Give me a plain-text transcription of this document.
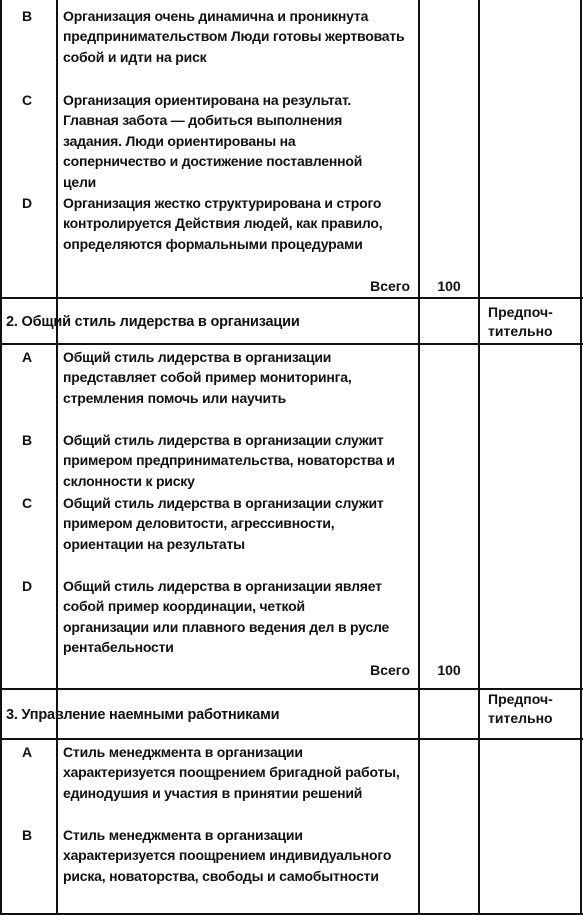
B Организация очень динамична и проникнута предпринимательством Люди готовы жертвовать собой и идти на риск
C Организация ориентирована на результат. Главная забота — добиться выполнения задания. Люди ориентированы на соперничество и достижение поставленной цели
D Организация жестко структурирована и строго контролируется Действия людей, как правило, определяются формальными процедурами
Всего	100
2. Общий стиль лидерства в организации
Предпоч-тительно
A Общий стиль лидерства в организации представляет собой пример мониторинга, стремления помочь или научить
B Общий стиль лидерства в организации служит примером предпринимательства, новаторства и склонности к риску
C Общий стиль лидерства в организации служит примером деловитости, агрессивности, ориентации на результаты
D Общий стиль лидерства в организации являет собой пример координации, четкой организации или плавного ведения дел в русле рентабельности
Всего	100
3. Управление наемными работниками
Предпоч-тительно
A Стиль менеджмента в организации характеризуется поощрением бригадной работы, единодушия и участия в принятии решений
B Стиль менеджмента в организации характеризуется поощрением индивидуального риска, новаторства, свободы и самобытности
